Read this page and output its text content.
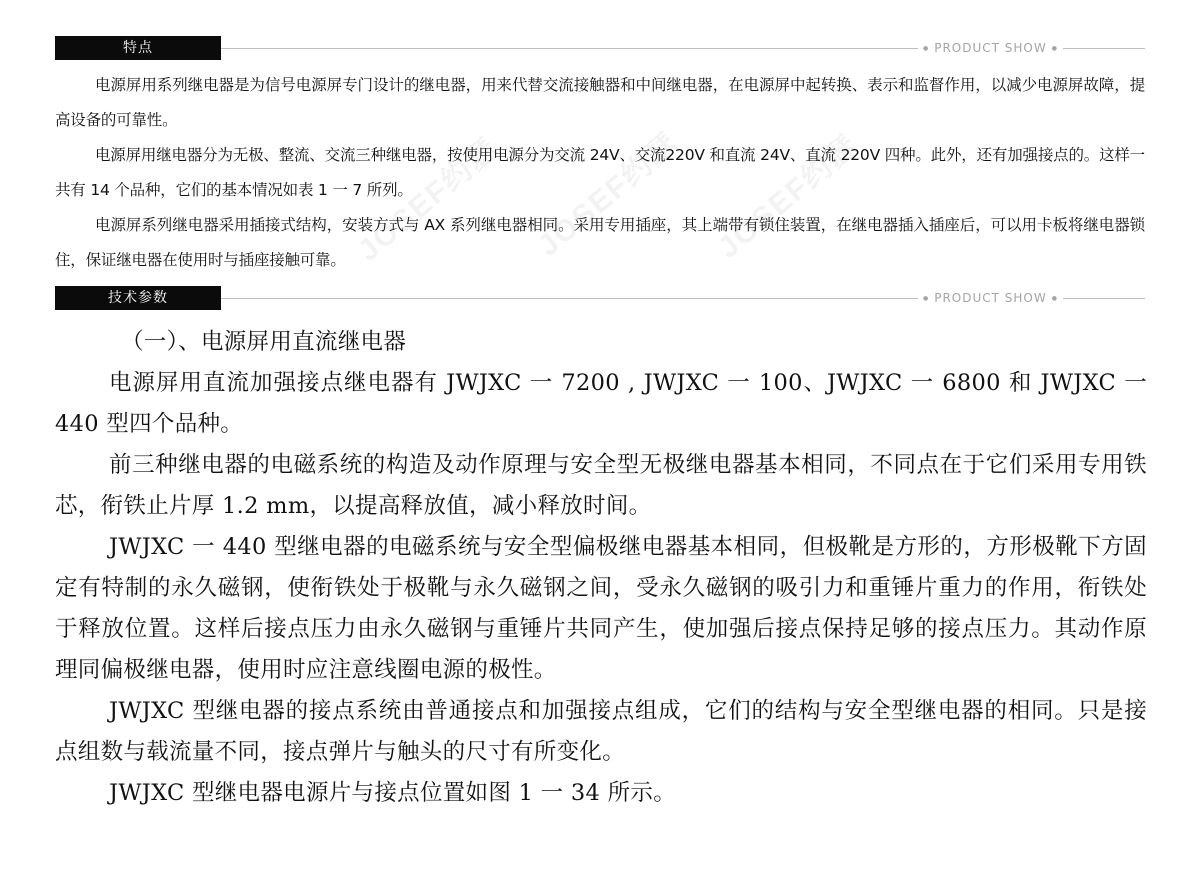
JOSEF约瑟 JOSEF约瑟 JOSEF约瑟
特点	● PRODUCT SHOW ●

电源屏用系列继电器是为信号电源屏专门设计的继电器，用来代替交流接触器和中间继电器，在电源屏中起转换、表示和监督作用，以减少电源屏故障，提高设备的可靠性。

电源屏用继电器分为无极、整流、交流三种继电器，按使用电源分为交流 24V、交流220V 和直流 24V、直流 220V 四种。此外，还有加强接点的。这样一共有 14 个品种，它们的基本情况如表 1 一 7 所列。

电源屏系列继电器采用插接式结构，安装方式与 AX 系列继电器相同。采用专用插座，其上端带有锁住装置，在继电器插入插座后，可以用卡板将继电器锁住，保证继电器在使用时与插座接触可靠。

技术参数	● PRODUCT SHOW ●

（一）、电源屏用直流继电器

电源屏用直流加强接点继电器有 JWJXC 一 7200 , JWJXC 一 100、JWJXC 一 6800 和 JWJXC 一 440 型四个品种。

前三种继电器的电磁系统的构造及动作原理与安全型无极继电器基本相同，不同点在于它们采用专用铁芯，衔铁止片厚 1.2 mm，以提高释放值，减小释放时间。

JWJXC 一 440 型继电器的电磁系统与安全型偏极继电器基本相同，但极靴是方形的，方形极靴下方固定有特制的永久磁钢，使衔铁处于极靴与永久磁钢之间，受永久磁钢的吸引力和重锤片重力的作用，衔铁处于释放位置。这样后接点压力由永久磁钢与重锤片共同产生，使加强后接点保持足够的接点压力。其动作原理同偏极继电器，使用时应注意线圈电源的极性。

JWJXC 型继电器的接点系统由普通接点和加强接点组成，它们的结构与安全型继电器的相同。只是接点组数与载流量不同，接点弹片与触头的尺寸有所变化。

JWJXC 型继电器电源片与接点位置如图 1 一 34 所示。
